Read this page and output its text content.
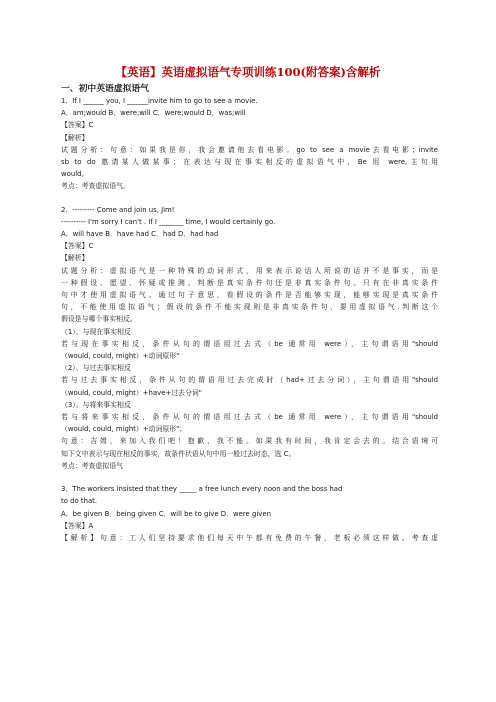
【英语】英语虚拟语气专项训练100(附答案)含解析

一、初中英语虚拟语气

1．If I ______ you, I ______invite him to go to see a movie.

A．am;would B．were;will C．were;would D．was;will

【答案】C

【解析】

试题分析：句意：如果我是你，我会邀请他去看电影。go to see a movie去看电影；invite

sb to do 邀请某人做某事；在表达与现在事实相反的虚拟语气中，Be 用 were,主句用

would。

考点：考查虚拟语气。

2．--------- Come and join us, Jim!

---------- I'm sorry I can't . If I _______ time, I would certainly go.

A．will have B．have had C．had D．had had

【答案】C

【解析】

试题分析：虚拟语气是一种特殊的动词形式，用来表示说话人所说的话并不是事实，而是

一种假设、愿望、怀疑或推测。判断是真实条件句还是非真实条件句。只有在非真实条件

句中才使用虚拟语气。通过句子意思，看假设的条件是否能够实现，能够实现是真实条件

句，不能使用虚拟语气；假设的条件不能实现则是非真实条件句，要用虚拟语气.判断这个

假设是与哪个事实相反。

（1）、与现在事实相反

若与现在事实相反，条件从句的谓语用过去式（be 通常用 were），主句谓语用"should

（would, could, might）+动词原形"

（2）、与过去事实相反

若与过去事实相反，条件从句的谓语用过去完成时（had+过去分词），主句谓语用"should

（would, could, might）+have+过去分词"

（3）、与将来事实相反

若与将来事实相反，条件从句的谓语用过去式（be 通常用 were），主句谓语用"should

（would, could, might）+动词原形"；

句意：吉姆，来加入我们吧！抱歉，我不能。如果我有时间，我肯定会去的。结合语境可

知下文中表示与现在相反的事实，故条件状语从句中用一般过去时态，选 C。

考点：考查虚拟语气

3．The workers insisted that they _____ a free lunch every noon and the boss had

to do that.

A．be given B．being given C．will be to give D．were given

【答案】A

【解析】句意：工人们坚持要求他们每天中午都有免费的午餐，老板必须这样做。考查虚
